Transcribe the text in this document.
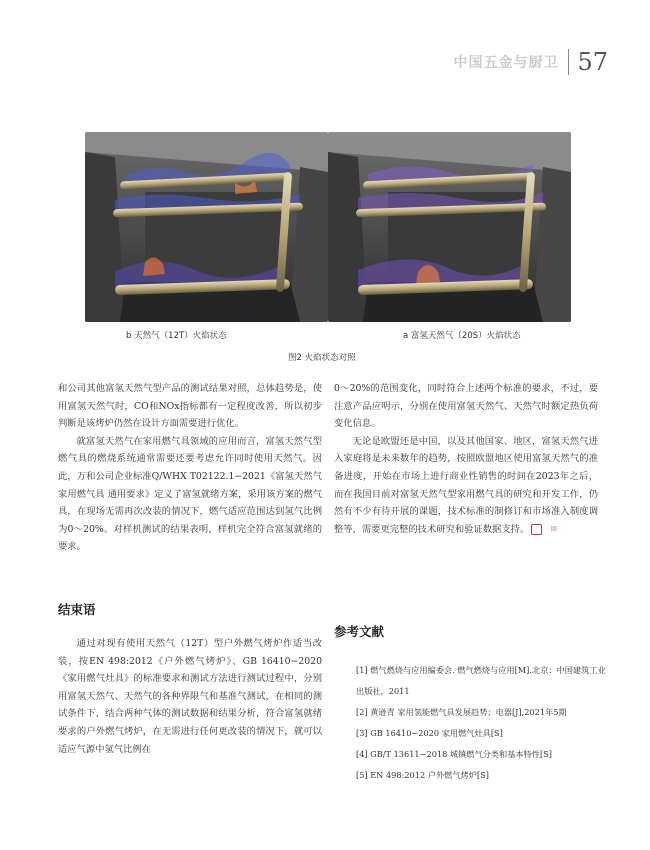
中国五金与厨卫 57
b 天然气（12T）火焰状态	a 富氢天然气（20S）火焰状态
图2 火焰状态对照

和公司其他富氢天然气型产品的测试结果对照，总体趋势是，使用富氢天然气时，CO和NOx指标都有一定程度改善，所以初步判断是该烤炉仍然在设计方面需要进行优化。

就富氢天然气在家用燃气具领域的应用而言，富氢天然气型燃气具的燃烧系统通常需要还要考虑允许同时使用天然气。因此，万和公司企业标准Q/WHX T02122.1−2021《富氢天然气 家用燃气具 通用要求》定义了富氢就绪方案，采用该方案的燃气具，在现场无需再次改装的情况下，燃气适应范围达到氢气比例为0～20%。对样机测试的结果表明，样机完全符合富氢就绪的要求。

结束语

通过对现有使用天然气（12T）型户外燃气烤炉作适当改装，按EN 498:2012《户外燃气烤炉》、GB 16410−2020《家用燃气灶具》的标准要求和测试方法进行测试过程中，分别用富氢天然气、天然气的各种界限气和基准气测试，在相同的测试条件下，结合两种气体的测试数据和结果分析，符合富氢就绪要求的户外燃气烤炉，在无需进行任何更改装的情况下，就可以适应气源中氢气比例在

0～20%的范围变化，同时符合上述两个标准的要求，不过，要注意产品应明示，分别在使用富氢天然气、天然气时额定热负荷变化信息。

无论是欧盟还是中国，以及其他国家、地区，富氢天然气进入家庭将是未来数年的趋势，按照欧盟地区使用富氢天然气的准备进度，开始在市场上进行商业性销售的时间在2023年之后，而在我国目前对富氢天然气型家用燃气具的研究和开发工作，仍然有不少有待开展的课题，技术标准的制修订和市场准入制度调整等，需要更完整的技术研究和验证数据支持。	回

参考文献

[1] 燃气燃烧与应用编委会. 燃气燃烧与应用[M].北京：中国建筑工业出版社，2011

[2] 黄逊青 家用氢能燃气具发展趋势；电器[J],2021年5期

[3] GB 16410−2020 家用燃气灶具[S]

[4] GB/T 13611−2018 城镇燃气分类和基本特性[S]

[5] EN 498:2012 户外燃气烤炉[S]
